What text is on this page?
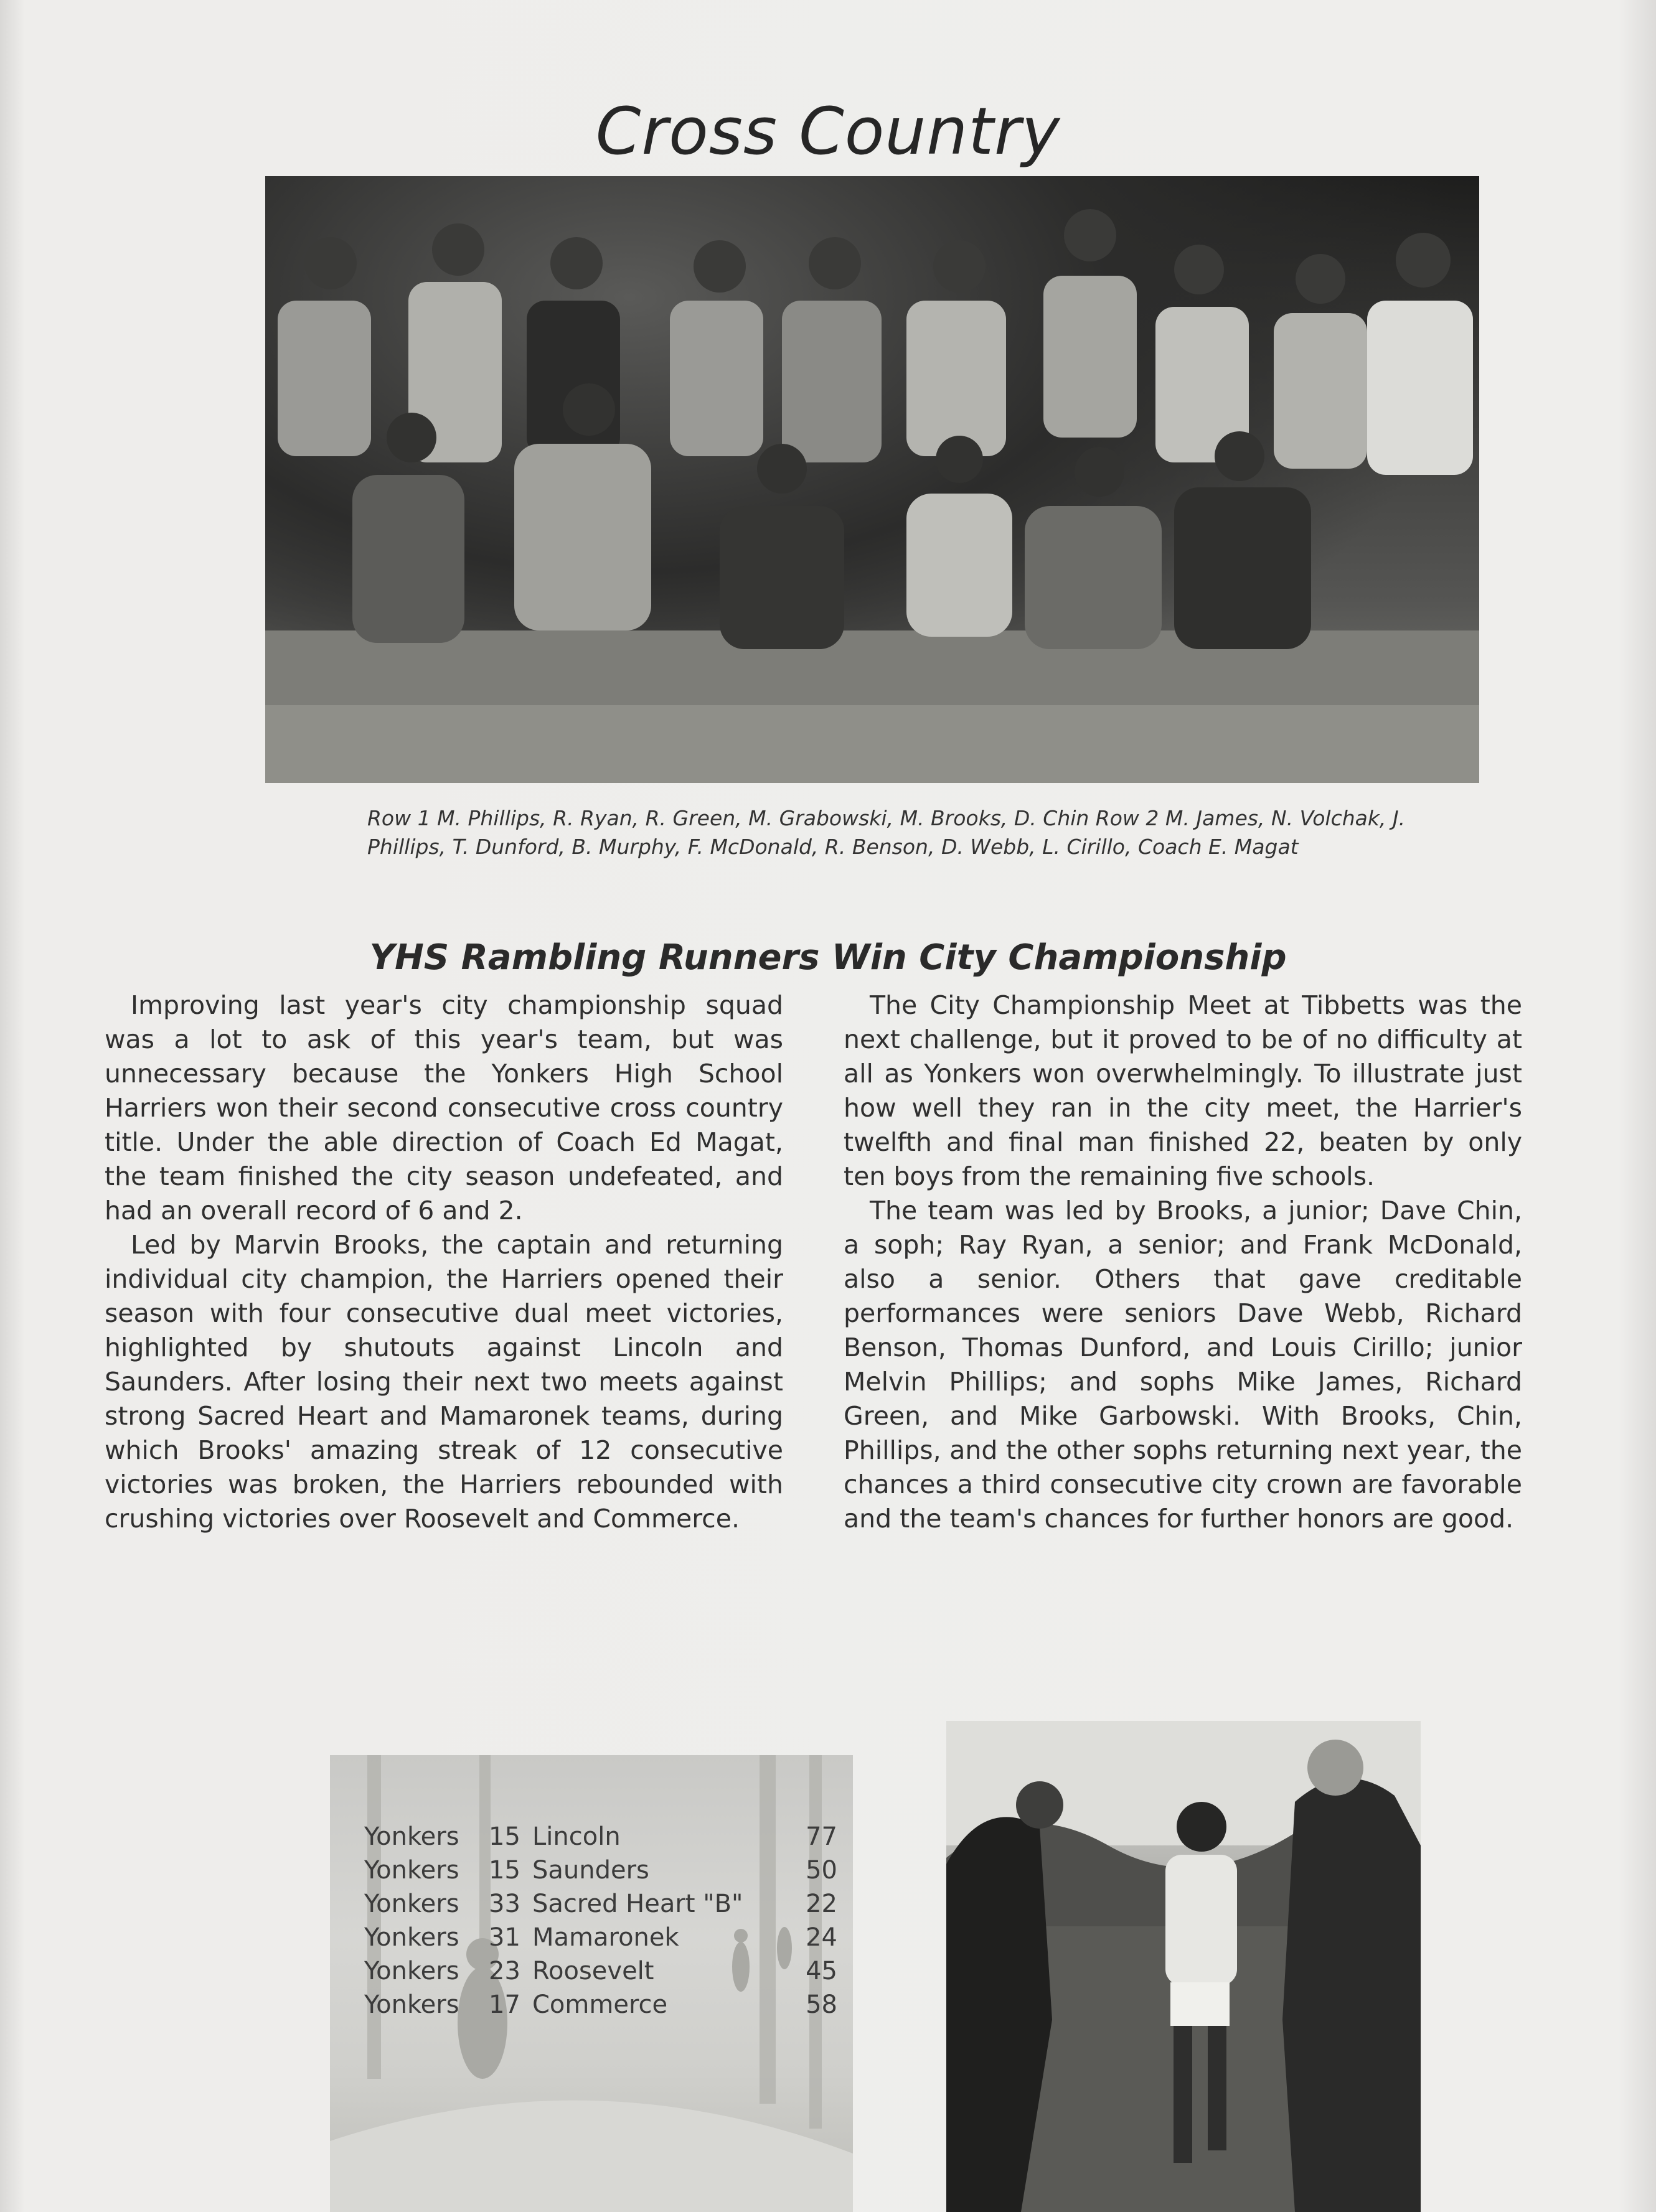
Cross Country
Row 1 M. Phillips, R. Ryan, R. Green, M. Grabowski, M. Brooks, D. Chin Row 2 M. James, N. Volchak, J. Phillips, T. Dunford, B. Murphy, F. McDonald, R. Benson, D. Webb, L. Cirillo, Coach E. Magat
YHS Rambling Runners Win City Championship

Improving last year's city championship squad was a lot to ask of this year's team, but was unnecessary because the Yonkers High School Harriers won their second consecutive cross country title. Under the able direction of Coach Ed Magat, the team finished the city season undefeated, and had an overall record of 6 and 2.

Led by Marvin Brooks, the captain and returning individual city champion, the Harriers opened their season with four consecutive dual meet victories, highlighted by shutouts against Lincoln and Saunders. After losing their next two meets against strong Sacred Heart and Mamaronek teams, during which Brooks' amazing streak of 12 consecutive victories was broken, the Harriers rebounded with crushing victories over Roosevelt and Commerce.

The City Championship Meet at Tibbetts was the next challenge, but it proved to be of no difficulty at all as Yonkers won overwhelmingly. To illustrate just how well they ran in the city meet, the Harrier's twelfth and final man finished 22, beaten by only ten boys from the remaining five schools.

The team was led by Brooks, a junior; Dave Chin, a soph; Ray Ryan, a senior; and Frank McDonald, also a senior. Others that gave creditable performances were seniors Dave Webb, Richard Benson, Thomas Dunford, and Louis Cirillo; junior Melvin Phillips; and sophs Mike James, Richard Green, and Mike Garbowski. With Brooks, Chin, Phillips, and the other sophs returning next year, the chances a third consecutive city crown are favorable and the team's chances for further honors are good.

Yonkers	15 Lincoln	77
Yonkers	15 Saunders	50
Yonkers	33 Sacred Heart "B"	22
Yonkers	31 Mamaronek	24
Yonkers	23 Roosevelt	45
Yonkers	17 Commerce	58
